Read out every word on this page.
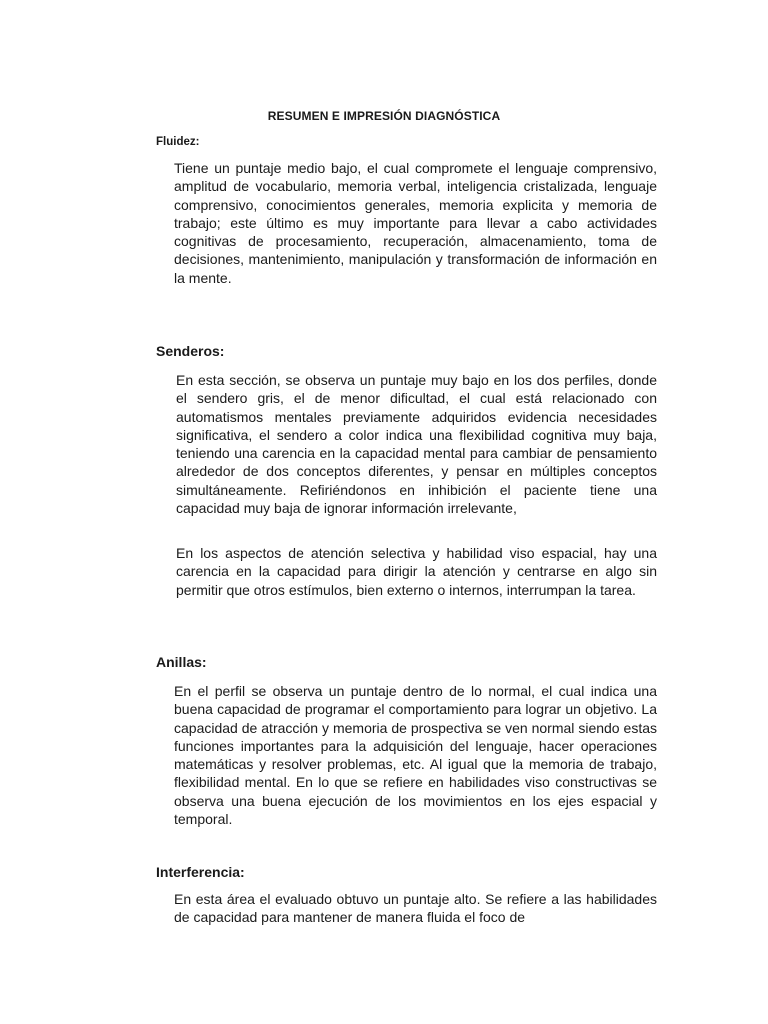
RESUMEN E IMPRESIÓN DIAGNÓSTICA
Fluidez:

Tiene un puntaje medio bajo, el cual compromete el lenguaje comprensivo, amplitud de vocabulario, memoria verbal, inteligencia cristalizada, lenguaje comprensivo, conocimientos generales, memoria explicita y memoria de trabajo; este último es muy importante para llevar a cabo actividades cognitivas de procesamiento, recuperación, almacenamiento, toma de decisiones, mantenimiento, manipulación y transformación de información en la mente.

Senderos:

En esta sección, se observa un puntaje muy bajo en los dos perfiles, donde el sendero gris, el de menor dificultad, el cual está relacionado con automatismos mentales previamente adquiridos evidencia necesidades significativa, el sendero a color indica una flexibilidad cognitiva muy baja, teniendo una carencia en la capacidad mental para cambiar de pensamiento alrededor de dos conceptos diferentes, y pensar en múltiples conceptos simultáneamente. Refiriéndonos en inhibición el paciente tiene una capacidad muy baja de ignorar información irrelevante,

En los aspectos de atención selectiva y habilidad viso espacial, hay una carencia en la capacidad para dirigir la atención y centrarse en algo sin permitir que otros estímulos, bien externo o internos, interrumpan la tarea.

Anillas:

En el perfil se observa un puntaje dentro de lo normal, el cual indica una buena capacidad de programar el comportamiento para lograr un objetivo. La capacidad de atracción y memoria de prospectiva se ven normal siendo estas funciones importantes para la adquisición del lenguaje, hacer operaciones matemáticas y resolver problemas, etc. Al igual que la memoria de trabajo, flexibilidad mental. En lo que se refiere en habilidades viso constructivas se observa una buena ejecución de los movimientos en los ejes espacial y temporal.

Interferencia:

En esta área el evaluado obtuvo un puntaje alto. Se refiere a las habilidades de capacidad para mantener de manera fluida el foco de
